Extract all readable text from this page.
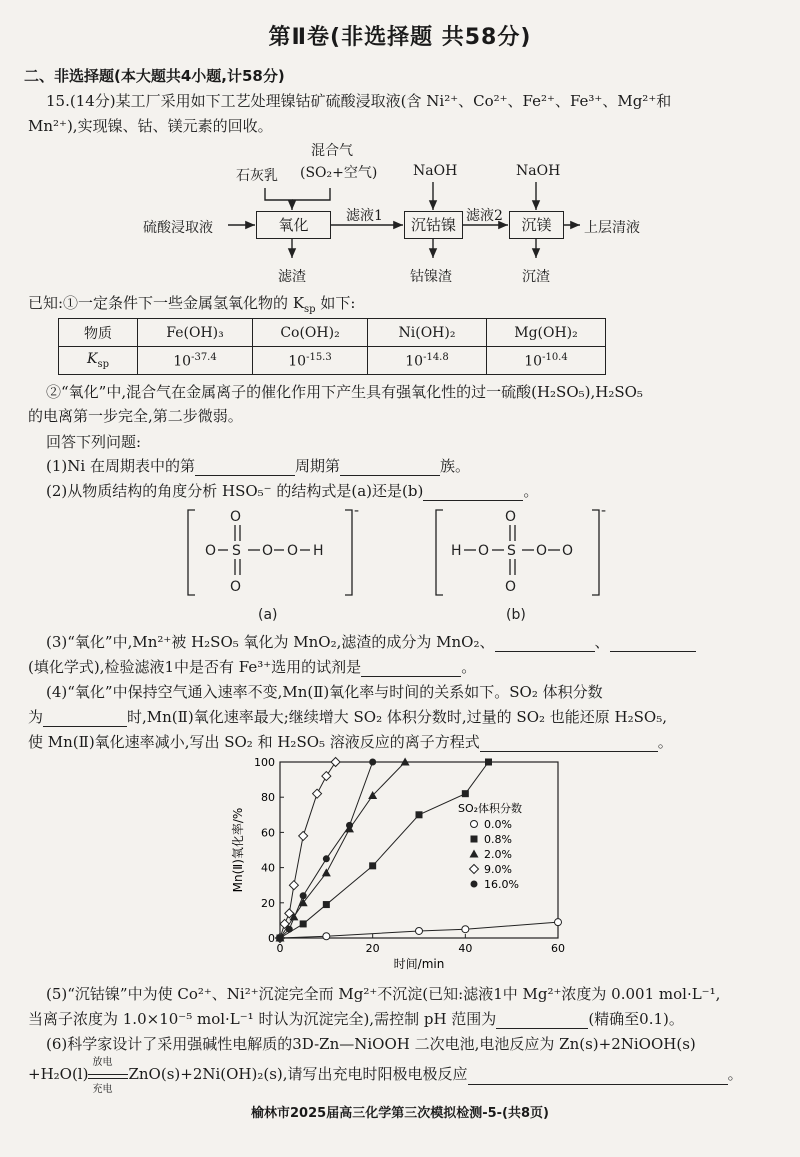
第Ⅱ卷(非选择题 共58分)
二、非选择题(本大题共4小题,计58分)
15.(14分)某工厂采用如下工艺处理镍钴矿硫酸浸取液(含 Ni²⁺、Co²⁺、Fe²⁺、Fe³⁺、Mg²⁺和
Mn²⁺),实现镍、钴、镁元素的回收。
硫酸浸取液
石灰乳
混合气
(SO₂+空气)	NaOH	NaOH
氧化	沉钴镍	沉镁
滤液1	滤液2
上层清液
滤渣	钴镍渣	沉渣
已知:①一定条件下一些金属氢氧化物的 $K_{sp}$ 如下:
物质	Fe(OH)₃	Co(OH)₂	Ni(OH)₂	Mg(OH)₂
$K_{sp}$	$10^{-37.4}$	$10^{-15.3}$	$10^{-14.8}$	$10^{-10.4}$
②“氧化”中,混合气在金属离子的催化作用下产生具有强氧化性的过一硫酸(H₂SO₅),H₂SO₅
的电离第一步完全,第二步微弱。
回答下列问题:
(1)Ni 在周期表中的第	周期第	族。
(2)从物质结构的角度分析 HSO₅⁻ 的结构式是(a)还是(b)	。
O
O S O O H
O
-
(a)
O
H O S O O
O
-
(b)
(3)“氧化”中,Mn²⁺被 H₂SO₅ 氧化为 MnO₂,滤渣的成分为 MnO₂、	、
(填化学式),检验滤液1中是否有 Fe³⁺选用的试剂是	。
(4)“氧化”中保持空气通入速率不变,Mn(Ⅱ)氧化率与时间的关系如下。SO₂ 体积分数
为	时,Mn(Ⅱ)氧化速率最大;继续增大 SO₂ 体积分数时,过量的 SO₂ 也能还原 H₂SO₅,
使 Mn(Ⅱ)氧化速率减小,写出 SO₂ 和 H₂SO₅ 溶液反应的离子方程式	。
0	20	40	60
0
20
40
60
80
100
时间/min
Mn(Ⅱ)氧化率/%	SO₂体积分数
0.0%
0.8%
2.0%
9.0%
16.0%
(5)“沉钴镍”中为使 Co²⁺、Ni²⁺沉淀完全而 Mg²⁺不沉淀(已知:滤液1中 Mg²⁺浓度为 0.001 mol·L⁻¹,
当离子浓度为 1.0×10⁻⁵ mol·L⁻¹ 时认为沉淀完全),需控制 pH 范围为	(精确至0.1)。
(6)科学家设计了采用强碱性电解质的3D-Zn—NiOOH 二次电池,电池反应为 Zn(s)+2NiOOH(s)
+H₂O(l)
放电
充电
ZnO(s)+2Ni(OH)₂(s),请写出充电时阳极电极反应	。
榆林市2025届高三化学第三次模拟检测-5-(共8页)
